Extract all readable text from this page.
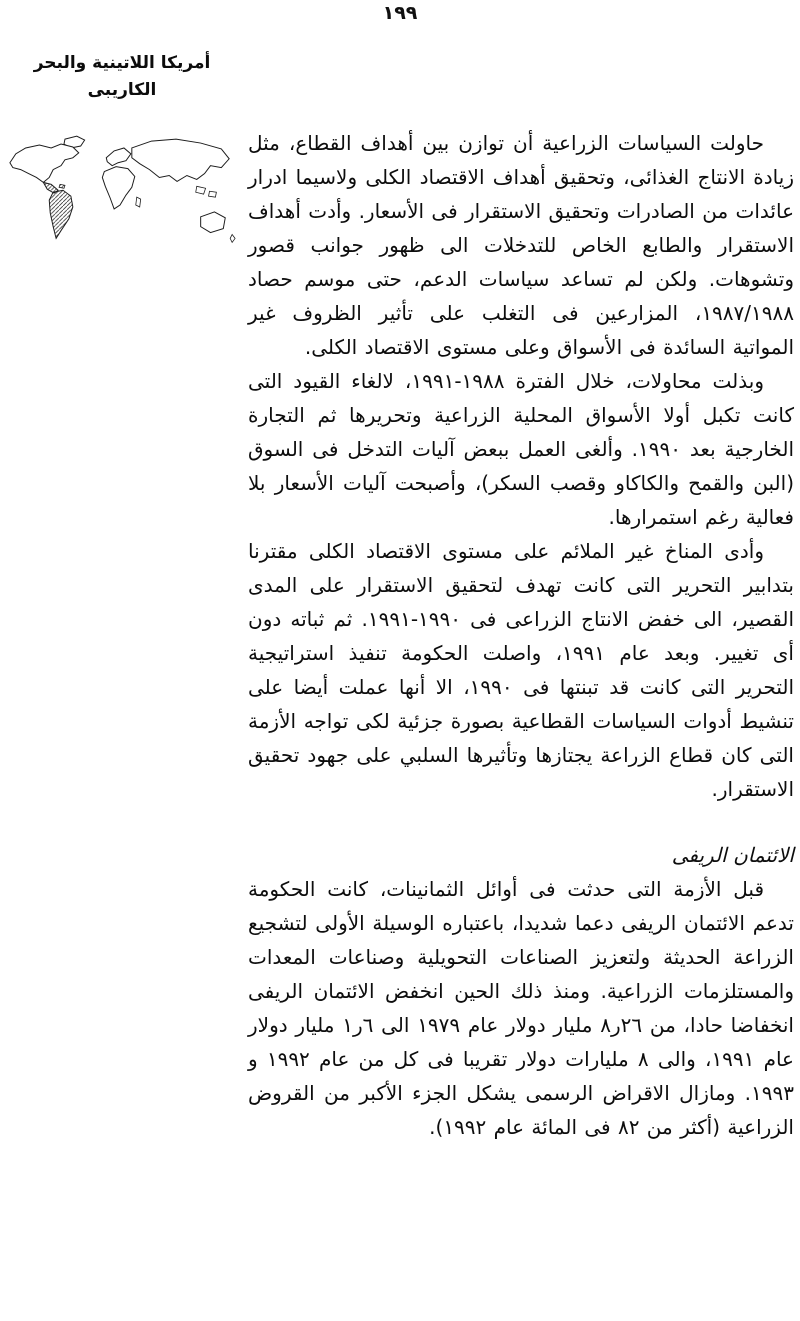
١٩٩
أمريكا اللاتينية والبحر
الكاريبى

حاولت السياسات الزراعية أن توازن بين أهداف القطاع، مثل زيادة الانتاج الغذائى، وتحقيق أهداف الاقتصاد الكلى ولاسيما ادرار عائدات من الصادرات وتحقيق الاستقرار فى الأسعار. وأدت أهداف الاستقرار والطابع الخاص للتدخلات الى ظهور جوانب قصور وتشوهات. ولكن لم تساعد سياسات الدعم، حتى موسم حصاد ١٩٨٧/١٩٨٨، المزارعين فى التغلب على تأثير الظروف غير المواتية السائدة فى الأسواق وعلى مستوى الاقتصاد الكلى.

وبذلت محاولات، خلال الفترة ١٩٨٨-١٩٩١، لالغاء القيود التى كانت تكبل أولا الأسواق المحلية الزراعية وتحريرها ثم التجارة الخارجية بعد ١٩٩٠. وألغى العمل ببعض آليات التدخل فى السوق (البن والقمح والكاكاو وقصب السكر)، وأصبحت آليات الأسعار بلا فعالية رغم استمرارها.

وأدى المناخ غير الملائم على مستوى الاقتصاد الكلى مقترنا بتدابير التحرير التى كانت تهدف لتحقيق الاستقرار على المدى القصير، الى خفض الانتاج الزراعى فى ١٩٩٠-١٩٩١. ثم ثباته دون أى تغيير. وبعد عام ١٩٩١، واصلت الحكومة تنفيذ استراتيجية التحرير التى كانت قد تبنتها فى ١٩٩٠، الا أنها عملت أيضا على تنشيط أدوات السياسات القطاعية بصورة جزئية لكى تواجه الأزمة التى كان قطاع الزراعة يجتازها وتأثيرها السلبي على جهود تحقيق الاستقرار.

الائتمان الريفى

قبل الأزمة التى حدثت فى أوائل الثمانينات، كانت الحكومة تدعم الائتمان الريفى دعما شديدا، باعتباره الوسيلة الأولى لتشجيع الزراعة الحديثة ولتعزيز الصناعات التحويلية وصناعات المعدات والمستلزمات الزراعية. ومنذ ذلك الحين انخفض الائتمان الريفى انخفاضا حادا، من ٢٦ر٨ مليار دولار عام ١٩٧٩ الى ٦ر١ مليار دولار عام ١٩٩١، والى ٨ مليارات دولار تقريبا فى كل من عام ١٩٩٢ و ١٩٩٣. ومازال الاقراض الرسمى يشكل الجزء الأكبر من القروض الزراعية (أكثر من ٨٢ فى المائة عام ١٩٩٢).
